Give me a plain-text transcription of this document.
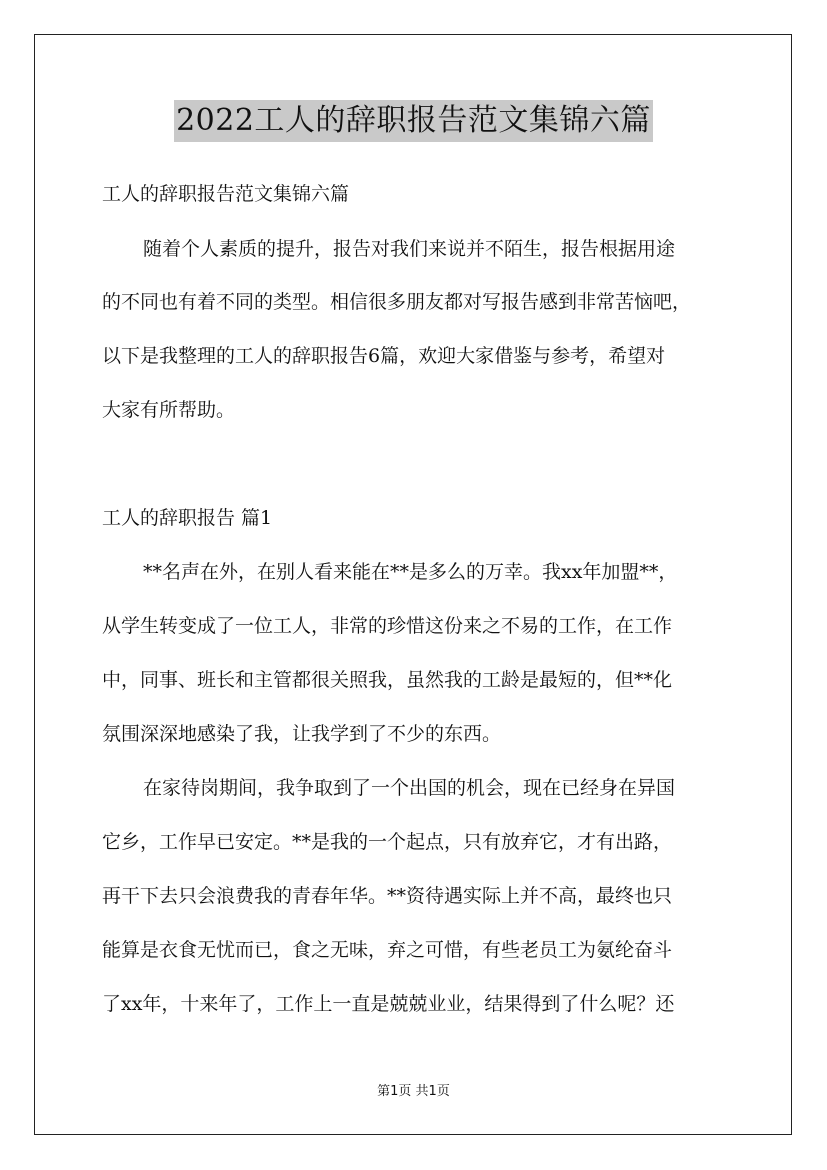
2022工人的辞职报告范文集锦六篇
工人的辞职报告范文集锦六篇
随着个人素质的提升，报告对我们来说并不陌生，报告根据用途
的不同也有着不同的类型。相信很多朋友都对写报告感到非常苦恼吧，
以下是我整理的工人的辞职报告6篇，欢迎大家借鉴与参考，希望对
大家有所帮助。
工人的辞职报告 篇1
**名声在外，在别人看来能在**是多么的万幸。我xx年加盟**，
从学生转变成了一位工人，非常的珍惜这份来之不易的工作，在工作
中，同事、班长和主管都很关照我，虽然我的工龄是最短的，但**化
氛围深深地感染了我，让我学到了不少的东西。
在家待岗期间，我争取到了一个出国的机会，现在已经身在异国
它乡，工作早已安定。**是我的一个起点，只有放弃它，才有出路，
再干下去只会浪费我的青春年华。**资待遇实际上并不高，最终也只
能算是衣食无忧而已，食之无味，弃之可惜，有些老员工为氨纶奋斗
了xx年，十来年了，工作上一直是兢兢业业，结果得到了什么呢？还
第1页 共1页
